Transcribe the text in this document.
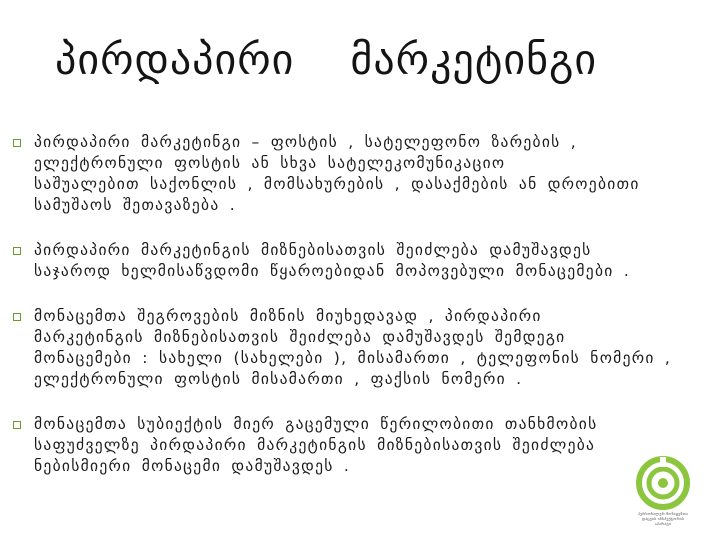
პირდაპირი მარკეტინგი
პირდაპირი მარკეტინგი – ფოსტის , სატელეფონო ზარების ,
ელექტრონული ფოსტის ან სხვა სატელეკომუნიკაციო
საშუალებით საქონლის , მომსახურების , დასაქმების ან დროებითი
სამუშაოს შეთავაზება .
პირდაპირი მარკეტინგის მიზნებისათვის შეიძლება დამუშავდეს
საჯაროდ ხელმისაწვდომი წყაროებიდან მოპოვებული მონაცემები .
მონაცემთა შეგროვების მიზნის მიუხედავად , პირდაპირი
მარკეტინგის მიზნებისათვის შეიძლება დამუშავდეს შემდეგი
მონაცემები : სახელი (სახელები ), მისამართი , ტელეფონის ნომერი ,
ელექტრონული ფოსტის მისამართი , ფაქსის ნომერი .
მონაცემთა სუბიექტის მიერ გაცემული წერილობითი თანხმობის
საფუძველზე პირდაპირი მარკეტინგის მიზნებისათვის შეიძლება
ნებისმიერი მონაცემი დამუშავდეს .
პერსონალურ მონაცემთა
დაცვის ინსპექტორის
აპარატი
